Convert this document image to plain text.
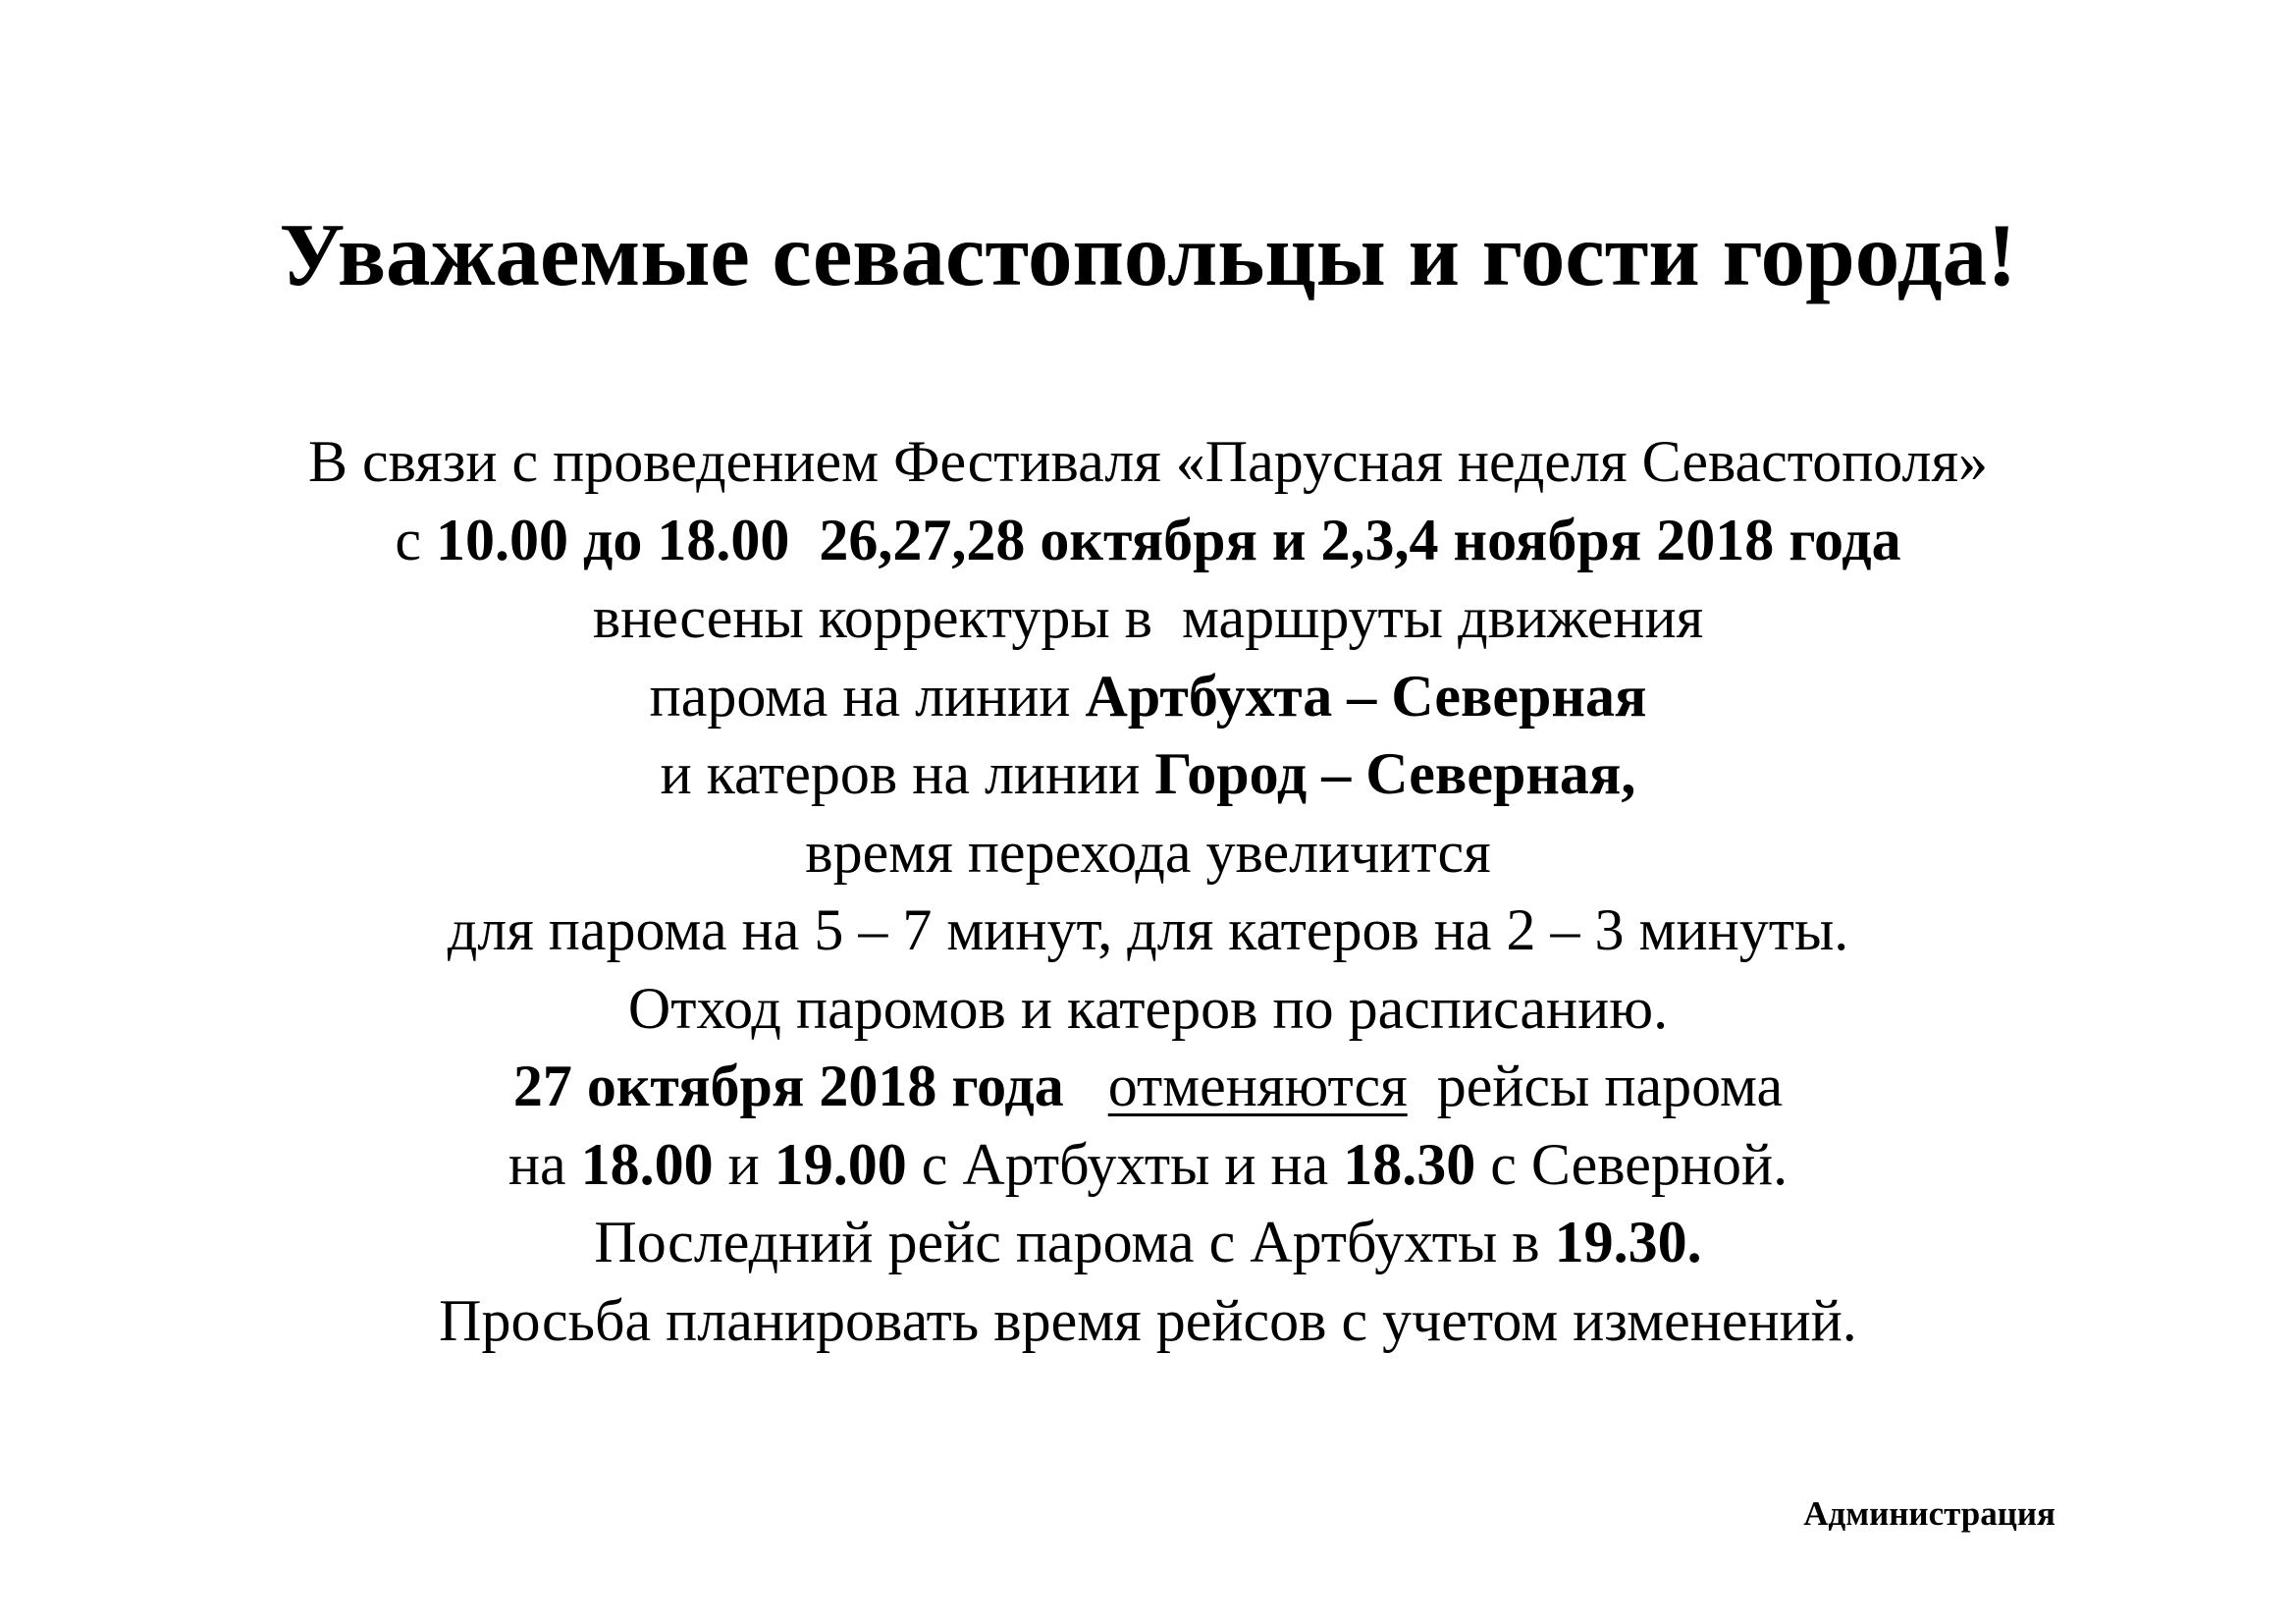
Уважаемые севастопольцы и гости города!
В связи с проведением Фестиваля «Парусная неделя Севастополя»
с 10.00 до 18.00  26,27,28 октября и 2,3,4 ноября 2018 года
внесены корректуры в  маршруты движения
парома на линии Артбухта – Северная
и катеров на линии Город – Северная,
время перехода увеличится
для парома на 5 – 7 минут, для катеров на 2 – 3 минуты.
Отход паромов и катеров по расписанию.
27 октября 2018 года отменяются  рейсы парома
на 18.00 и 19.00 с Артбухты и на 18.30 с Северной.
Последний рейс парома с Артбухты в 19.30.
Просьба планировать время рейсов с учетом изменений.
Администрация
